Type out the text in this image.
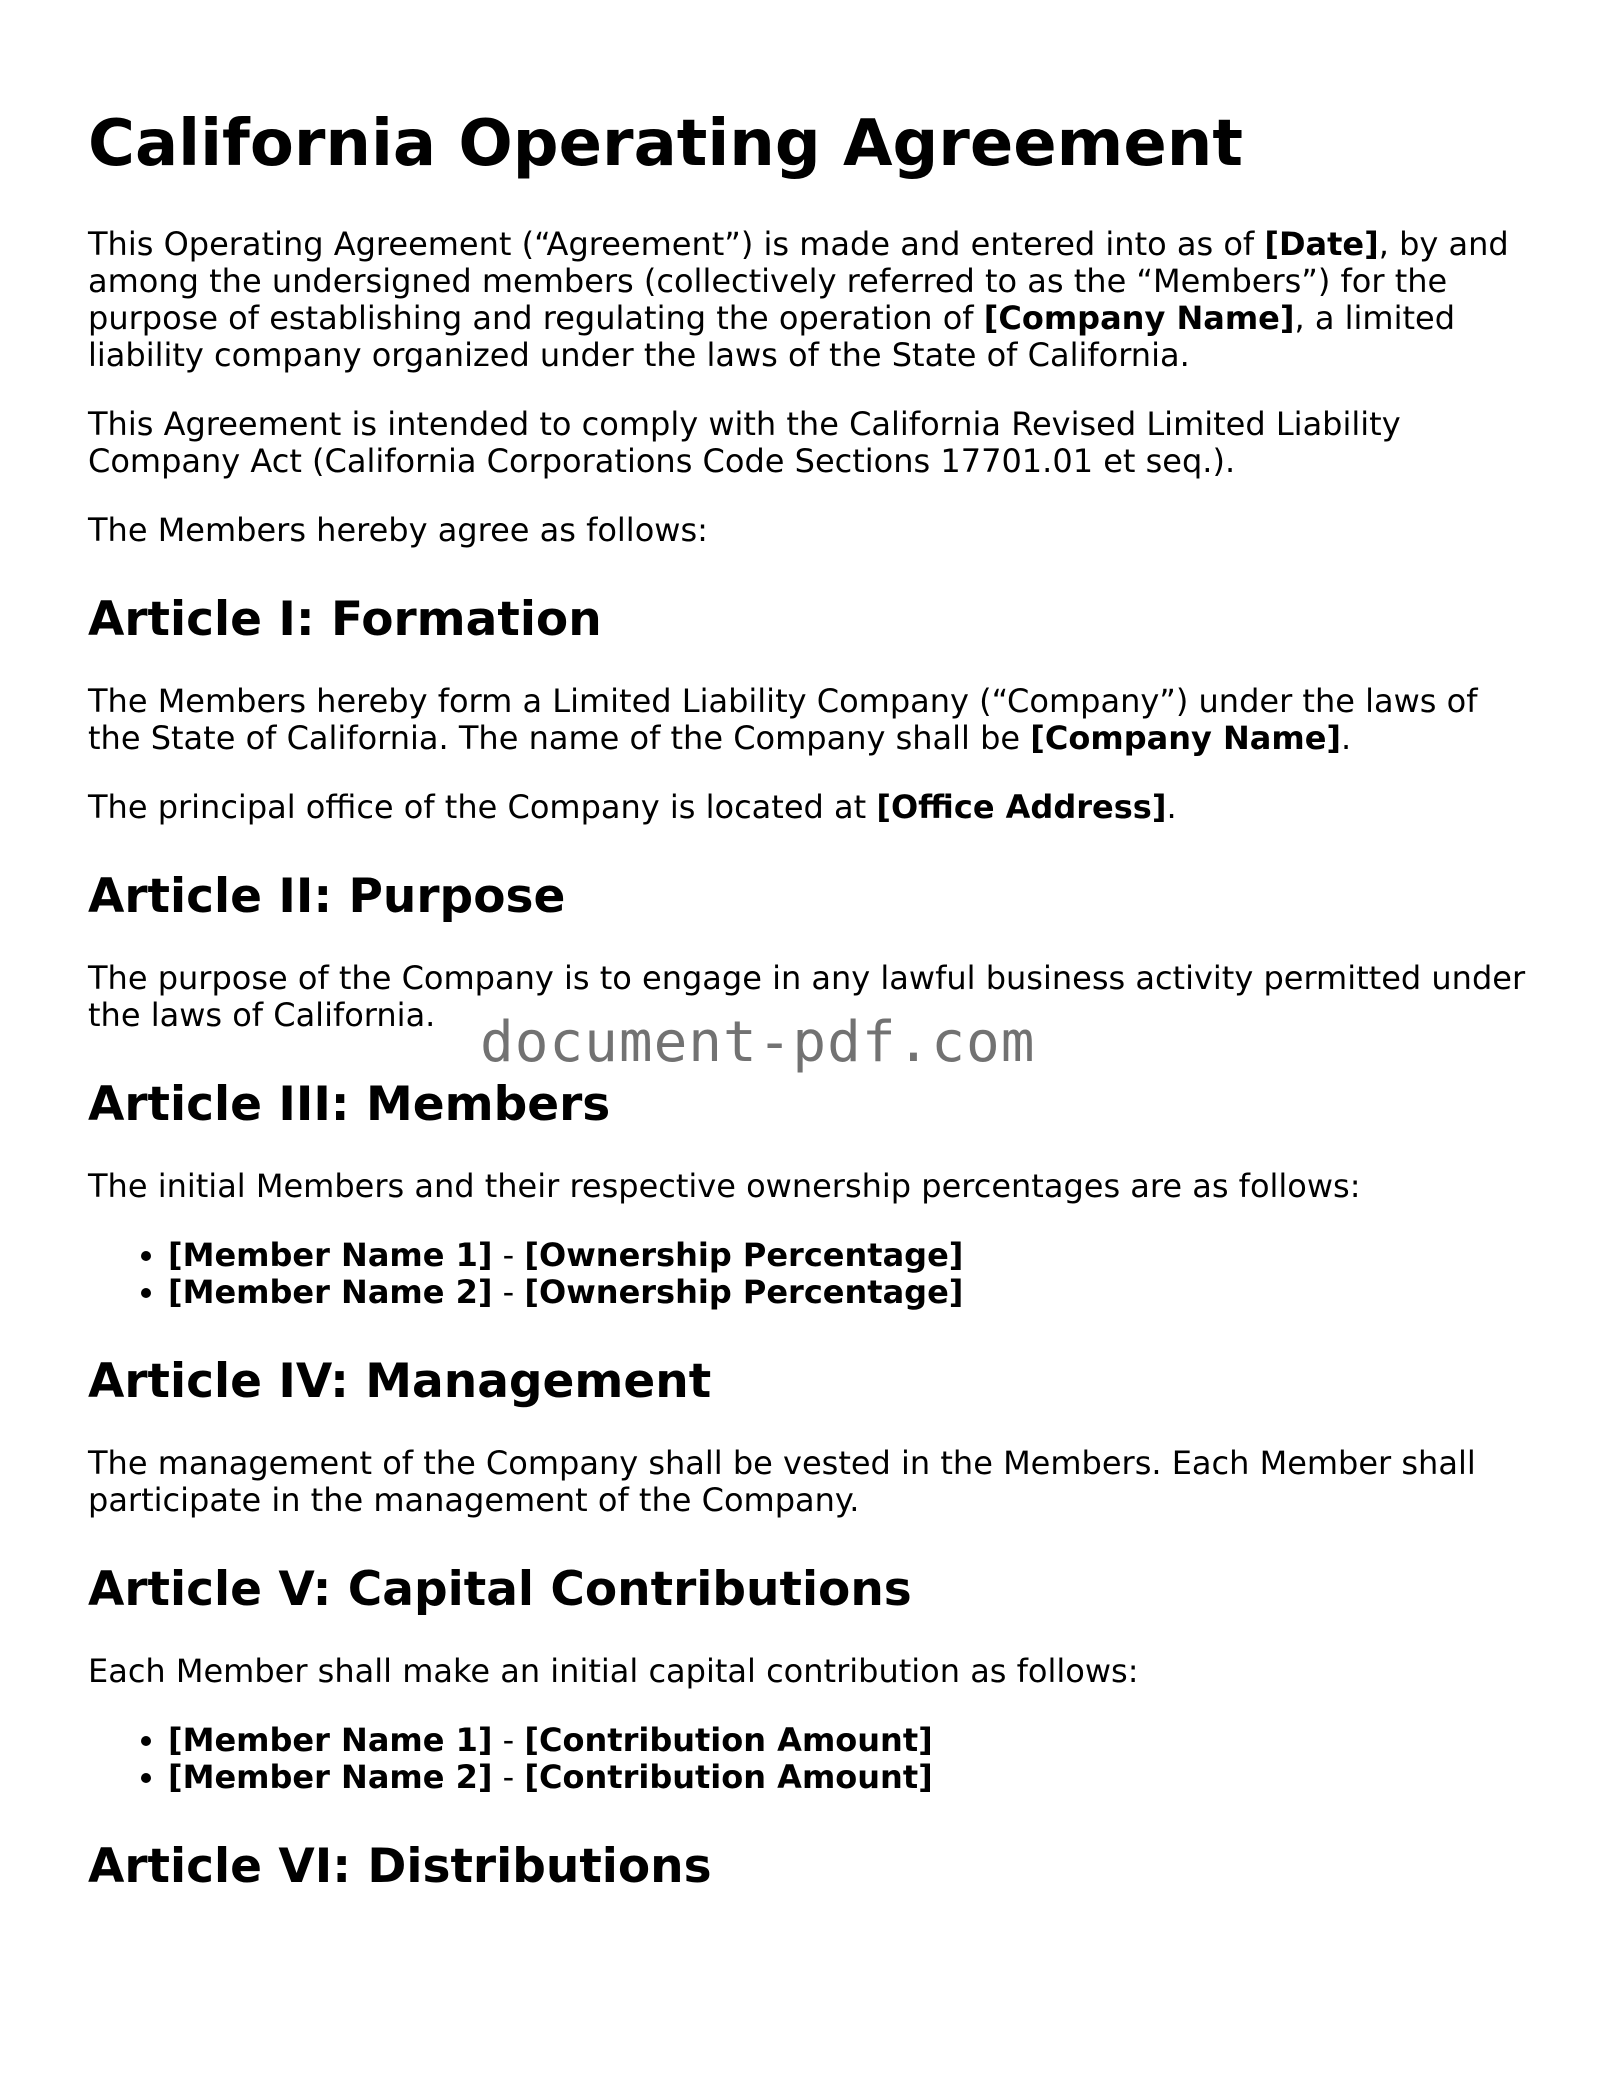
California Operating Agreement

This Operating Agreement (“Agreement”) is made and entered into as of [Date], by and among the undersigned members (collectively referred to as the “Members”) for the purpose of establishing and regulating the operation of [Company Name], a limited liability company organized under the laws of the State of California.

This Agreement is intended to comply with the California Revised Limited Liability Company Act (California Corporations Code Sections 17701.01 et seq.).

The Members hereby agree as follows:

Article I: Formation

The Members hereby form a Limited Liability Company (“Company”) under the laws of the State of California. The name of the Company shall be [Company Name].

The principal office of the Company is located at [Office Address].

Article II: Purpose

The purpose of the Company is to engage in any lawful business activity permitted under the laws of California.

Article III: Members

The initial Members and their respective ownership percentages are as follows:

• [Member Name 1] - [Ownership Percentage]
• [Member Name 2] - [Ownership Percentage]
Article IV: Management

The management of the Company shall be vested in the Members. Each Member shall participate in the management of the Company.

Article V: Capital Contributions

Each Member shall make an initial capital contribution as follows:

• [Member Name 1] - [Contribution Amount]
• [Member Name 2] - [Contribution Amount]
Article VI: Distributions
document-pdf.com
